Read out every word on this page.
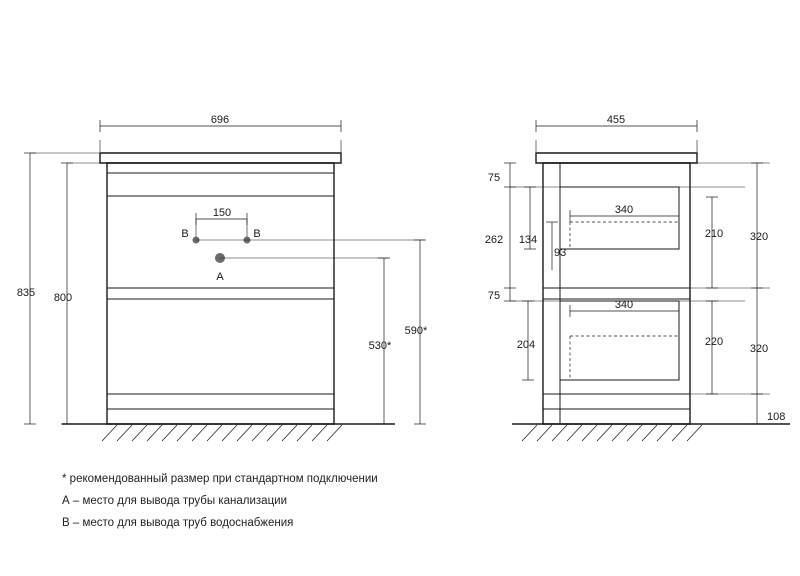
696
835 800
150
B	B
A
530*
590*
455
75
262 134
93
340
75
204
340
210 320
220
320
108
* рекомендованный размер при стандартном подключении
А – место для вывода трубы канализации
В – место для вывода труб водоснабжения
